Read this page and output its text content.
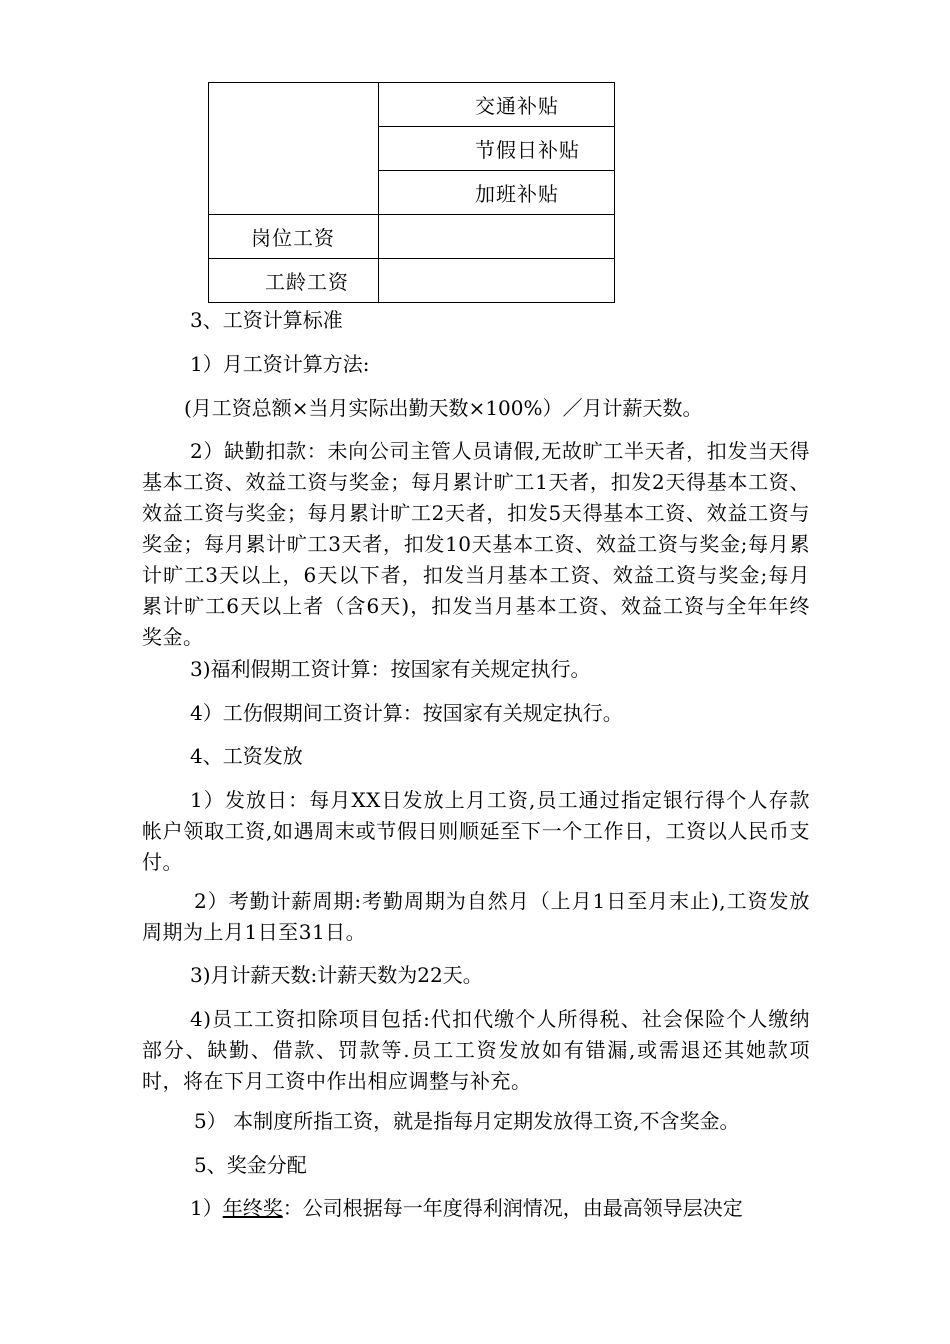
	交通补贴
	节假日补贴
	加班补贴
岗位工资	
工龄工资	
3、工资计算标准
1）月工资计算方法:
(月工资总额×当月实际出勤天数×100%）／月计薪天数。
2）缺勤扣款：未向公司主管人员请假,无故旷工半天者，扣发当天得基本工资、效益工资与奖金；每月累计旷工1天者，扣发2天得基本工资、效益工资与奖金；每月累计旷工2天者，扣发5天得基本工资、效益工资与奖金；每月累计旷工3天者，扣发10天基本工资、效益工资与奖金;每月累计旷工3天以上，6天以下者，扣发当月基本工资、效益工资与奖金;每月累计旷工6天以上者（含6天)，扣发当月基本工资、效益工资与全年年终奖金。
3)福利假期工资计算：按国家有关规定执行。
4）工伤假期间工资计算：按国家有关规定执行。
4、工资发放
1）发放日：每月XX日发放上月工资,员工通过指定银行得个人存款帐户领取工资,如遇周末或节假日则顺延至下一个工作日，工资以人民币支付。
2）考勤计薪周期:考勤周期为自然月（上月1日至月末止),工资发放周期为上月1日至31日。
3)月计薪天数:计薪天数为22天。
4)员工工资扣除项目包括:代扣代缴个人所得税、社会保险个人缴纳部分、缺勤、借款、罚款等.员工工资发放如有错漏,或需退还其她款项时，将在下月工资中作出相应调整与补充。
5） 本制度所指工资，就是指每月定期发放得工资,不含奖金。
5、奖金分配
1）年终奖：公司根据每一年度得利润情况，由最高领导层决定
